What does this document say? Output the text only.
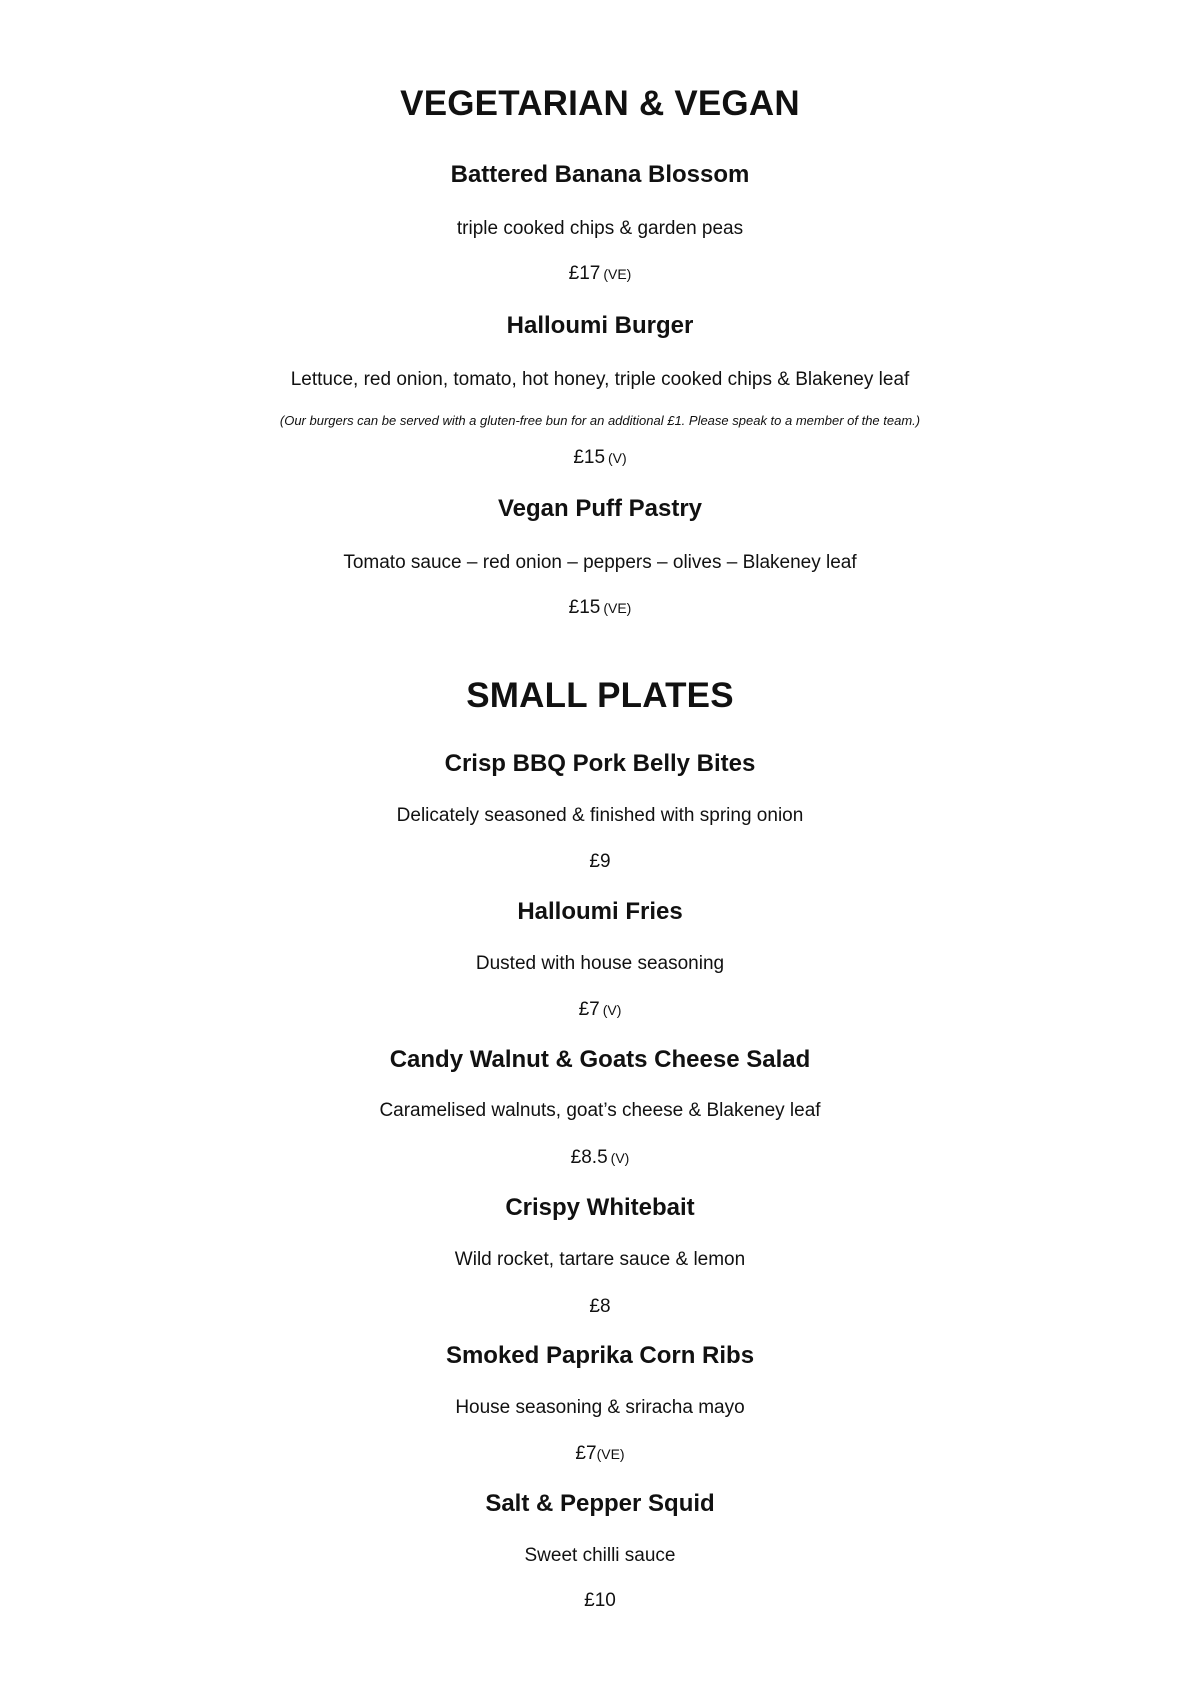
VEGETARIAN & VEGAN
Battered Banana Blossom
triple cooked chips & garden peas
£17 (VE)
Halloumi Burger
Lettuce, red onion, tomato, hot honey, triple cooked chips & Blakeney leaf
(Our burgers can be served with a gluten-free bun for an additional £1. Please speak to a member of the team.)
£15 (V)
Vegan Puff Pastry
Tomato sauce – red onion – peppers – olives – Blakeney leaf
£15 (VE)
SMALL PLATES
Crisp BBQ Pork Belly Bites
Delicately seasoned & finished with spring onion
£9
Halloumi Fries
Dusted with house seasoning
£7 (V)
Candy Walnut & Goats Cheese Salad
Caramelised walnuts, goat’s cheese & Blakeney leaf
£8.5 (V)
Crispy Whitebait
Wild rocket, tartare sauce & lemon
£8
Smoked Paprika Corn Ribs
House seasoning & sriracha mayo
£7(VE)
Salt & Pepper Squid
Sweet chilli sauce
£10
